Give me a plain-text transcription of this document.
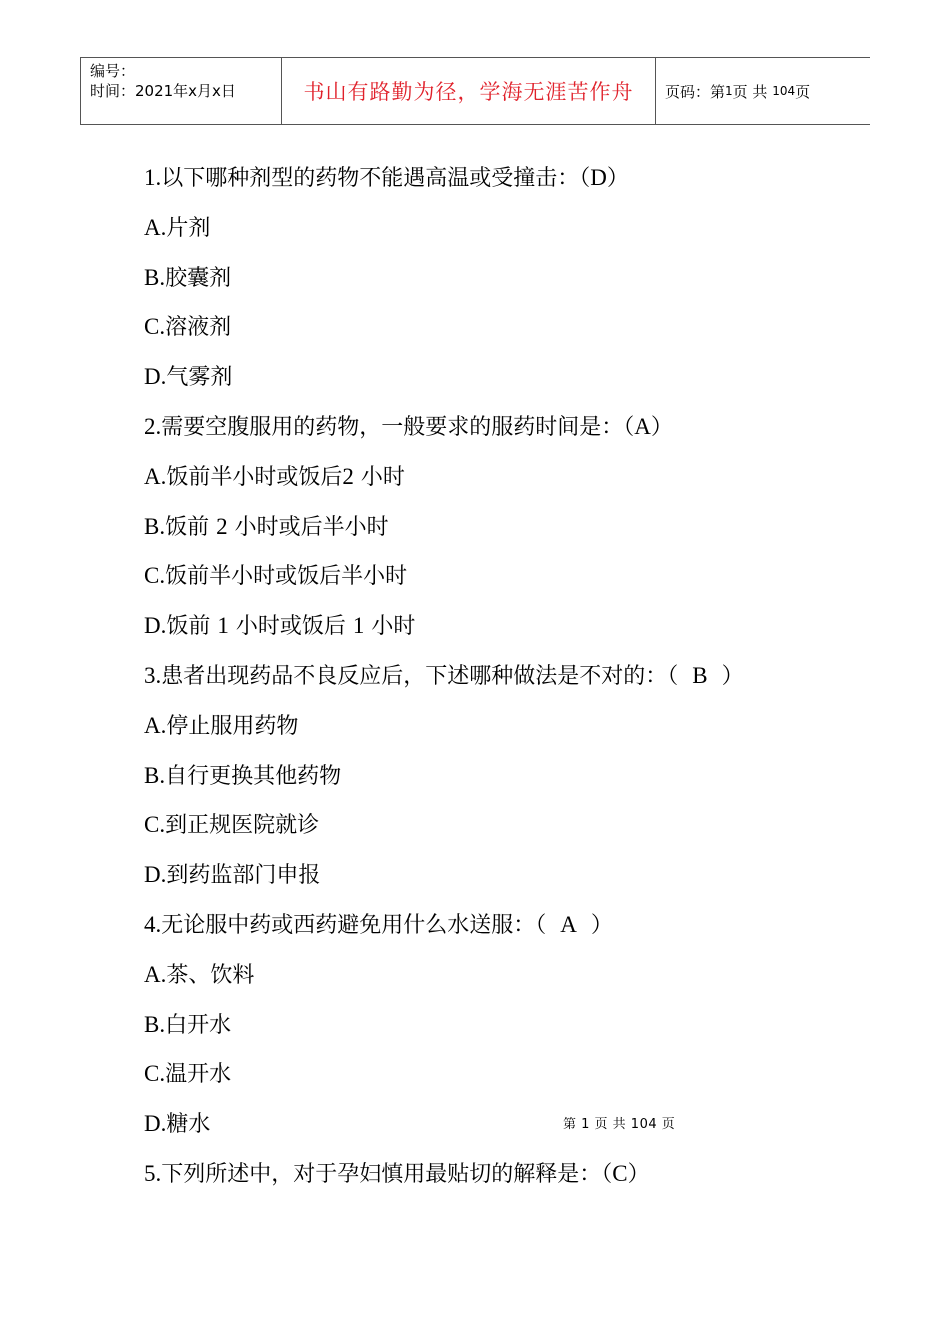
编号：
时间：2021年x月x日	书山有路勤为径，学海无涯苦作舟 页码：第 1 页 共
104 页
1.以下哪种剂型的药物不能遇高温或受撞击：（D）
A.片剂
B.胶囊剂
C.溶液剂
D.气雾剂
2.需要空腹服用的药物，一般要求的服药时间是：（A）
A.饭前半小时或饭后2 小时
B.饭前 2 小时或后半小时
C.饭前半小时或饭后半小时
D.饭前 1 小时或饭后 1 小时
3.患者出现药品不良反应后，下述哪种做法是不对的：（ B ）
A.停止服用药物
B.自行更换其他药物
C.到正规医院就诊
D.到药监部门申报
4.无论服中药或西药避免用什么水送服：（ A ）
A.茶、饮料
B.白开水
C.温开水
D.糖水
5.下列所述中，对于孕妇慎用最贴切的解释是：（C）
第 1 页 共 104 页
